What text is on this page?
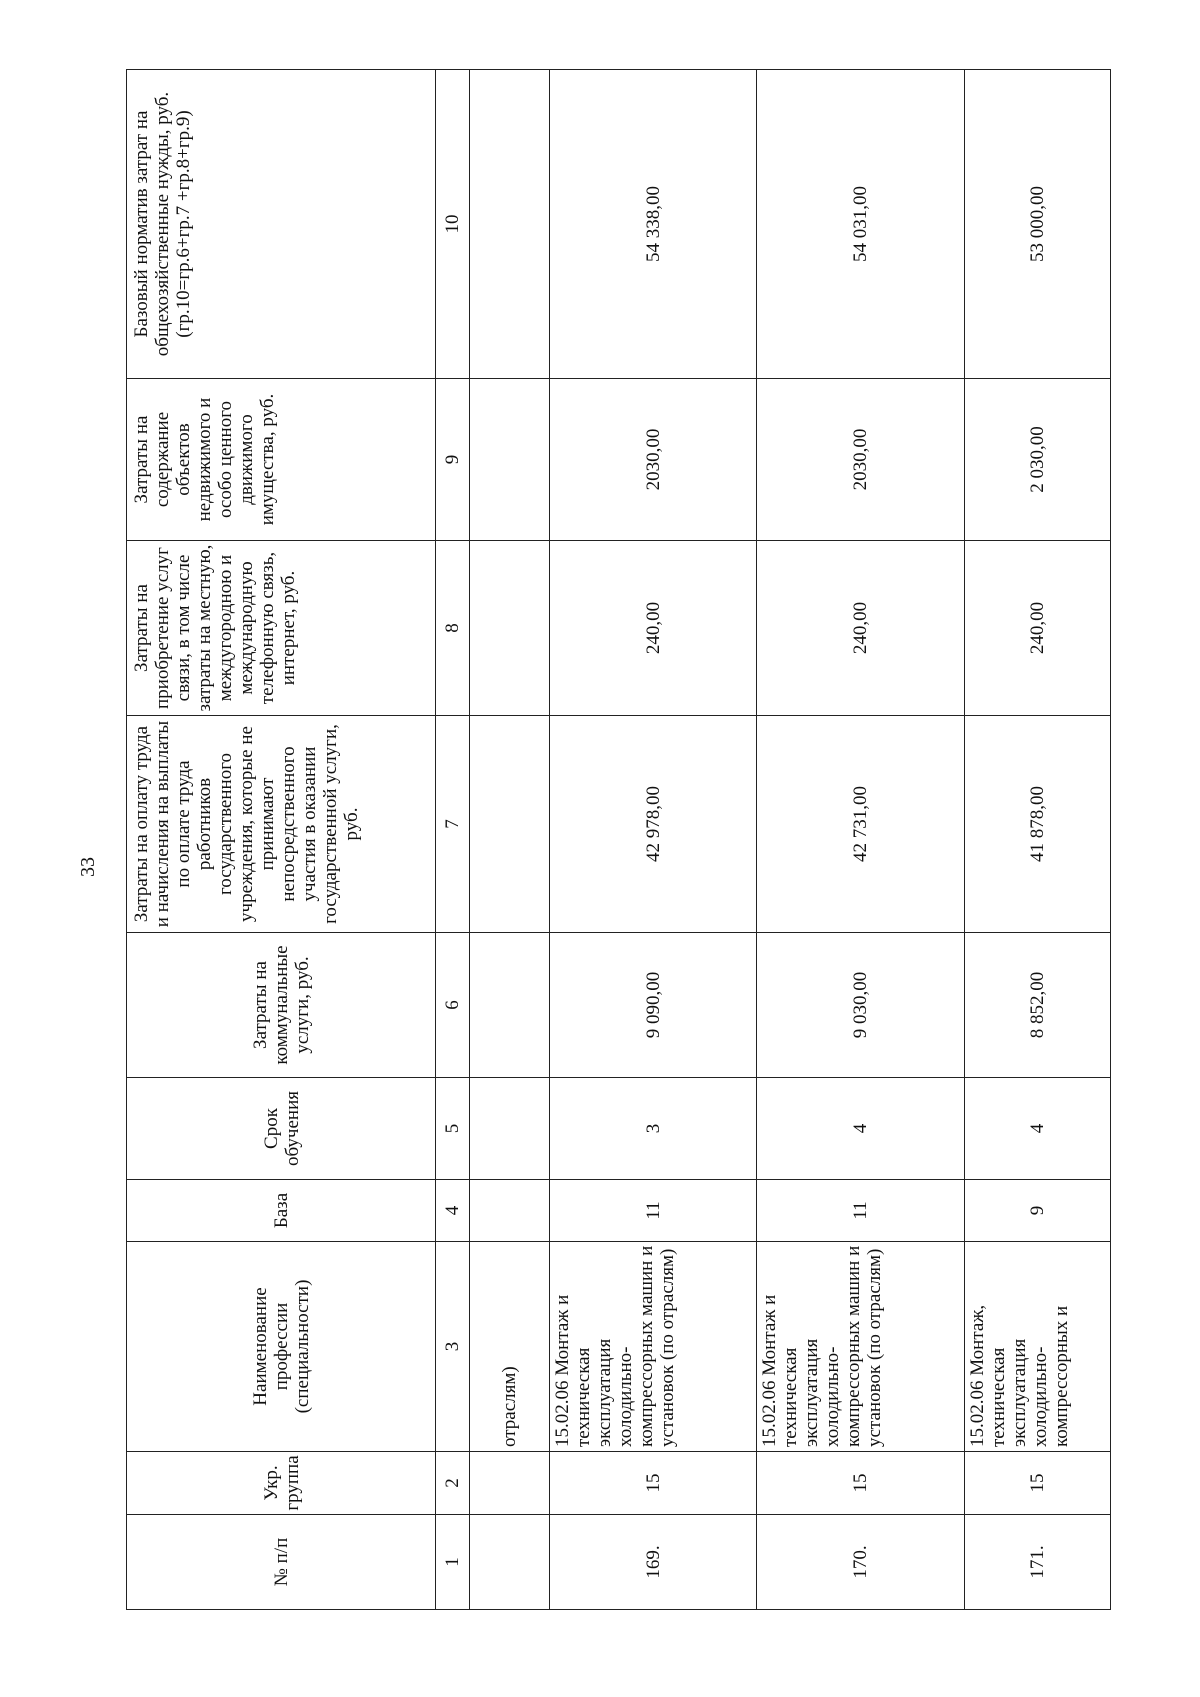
33
№ п/п	Укр. группа	Наименование профессии (специальности)	База	Срок обучения	Затраты на коммунальные услуги, руб.	Затраты на оплату труда и начисления на выплаты по оплате труда работников государственного учреждения, которые не принимают непосредственного участия в оказании государственной услуги, руб.	Затраты на приобретение услуг связи, в том числе затраты на местную, междугородною и международную телефонную связь, интернет, руб.	Затраты на содержание объектов недвижимого и особо ценного движимого имущества, руб.	Базовый норматив затрат на общехозяйственные нужды, руб. (гр.10=гр.6+гр.7 +гр.8+гр.9)
1	2	3	4	5	6	7	8	9	10
		отраслям)							
169.	15	15.02.06 Монтаж и техническая эксплуатация холодильно-компрессорных машин и установок (по отраслям)	11	3	9 090,00	42 978,00	240,00	2030,00	54 338,00
170.	15	15.02.06 Монтаж и техническая эксплуатация холодильно-компрессорных машин и установок (по отраслям)	11	4	9 030,00	42 731,00	240,00	2030,00	54 031,00
171.	15	15.02.06 Монтаж, техническая эксплуатация холодильно-компрессорных и	9	4	8 852,00	41 878,00	240,00	2 030,00	53 000,00
